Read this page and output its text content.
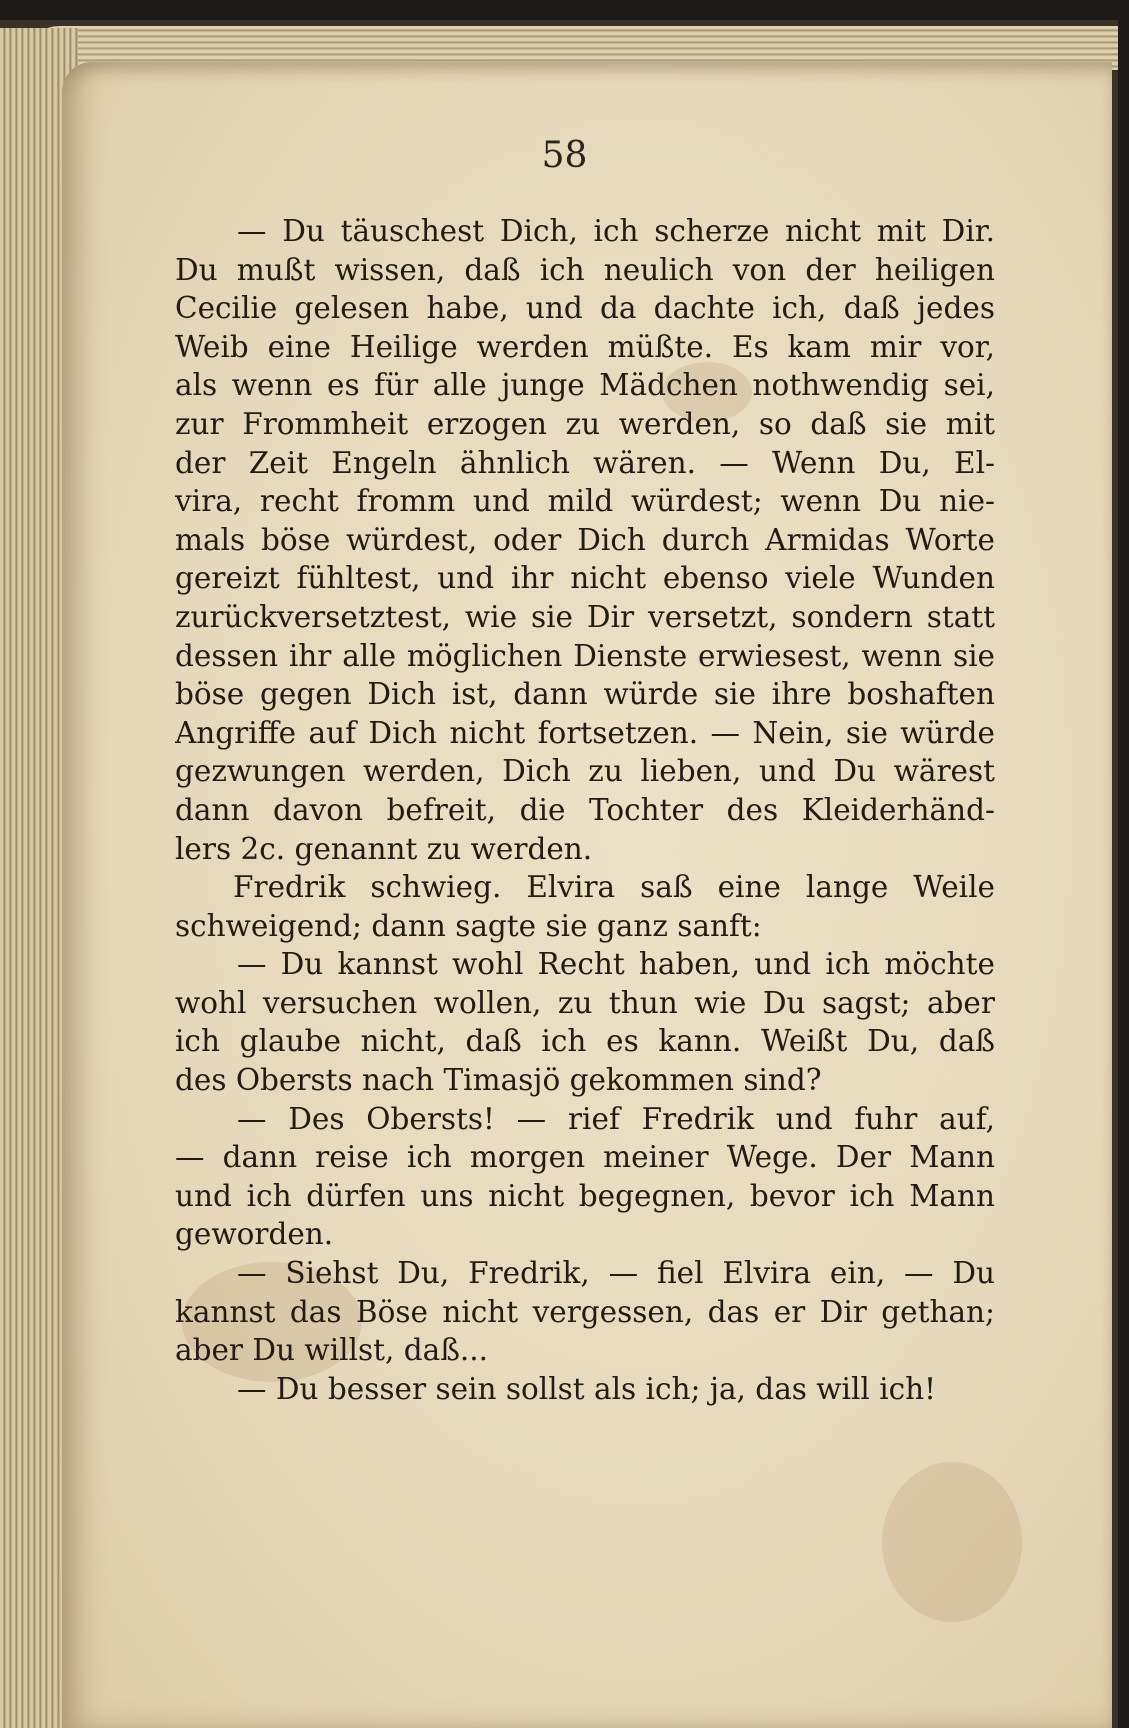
58
— Du täuschest Dich, ich scherze nicht mit Dir.
Du mußt wissen, daß ich neulich von der heiligen
Cecilie gelesen habe, und da dachte ich, daß jedes
Weib eine Heilige werden müßte. Es kam mir vor,
als wenn es für alle junge Mädchen nothwendig sei,
zur Frommheit erzogen zu werden, so daß sie mit
der Zeit Engeln ähnlich wären. — Wenn Du, El-
vira, recht fromm und mild würdest; wenn Du nie-
mals böse würdest, oder Dich durch Armidas Worte
gereizt fühltest, und ihr nicht ebenso viele Wunden
zurückversetztest, wie sie Dir versetzt, sondern statt
dessen ihr alle möglichen Dienste erwiesest, wenn sie
böse gegen Dich ist, dann würde sie ihre boshaften
Angriffe auf Dich nicht fortsetzen. — Nein, sie würde
gezwungen werden, Dich zu lieben, und Du wärest
dann davon befreit, die Tochter des Kleiderhänd-
lers 2c. genannt zu werden.
Fredrik schwieg. Elvira saß eine lange Weile
schweigend; dann sagte sie ganz sanft:
— Du kannst wohl Recht haben, und ich möchte
wohl versuchen wollen, zu thun wie Du sagst; aber
ich glaube nicht, daß ich es kann. Weißt Du, daß
des Obersts nach Timasjö gekommen sind?
— Des Obersts! — rief Fredrik und fuhr auf,
— dann reise ich morgen meiner Wege. Der Mann
und ich dürfen uns nicht begegnen, bevor ich Mann
geworden.
— Siehst Du, Fredrik, — fiel Elvira ein, — Du
kannst das Böse nicht vergessen, das er Dir gethan;
aber Du willst, daß...
— Du besser sein sollst als ich; ja, das will ich!
